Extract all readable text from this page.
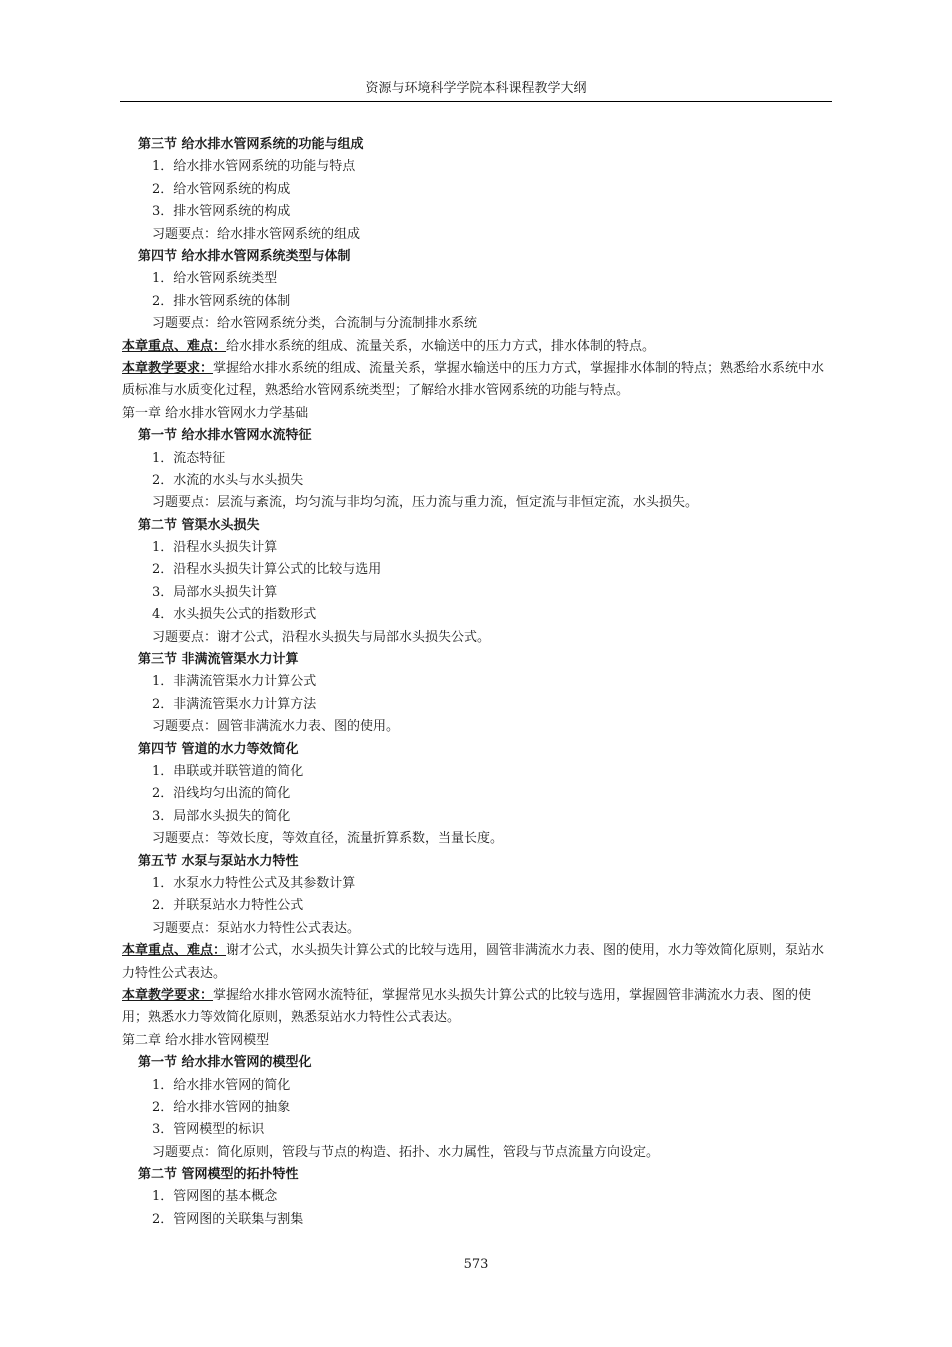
资源与环境科学学院本科课程教学大纲
第三节 给水排水管网系统的功能与组成
1．给水排水管网系统的功能与特点
2．给水管网系统的构成
3．排水管网系统的构成
习题要点：给水排水管网系统的组成
第四节 给水排水管网系统类型与体制
1．给水管网系统类型
2．排水管网系统的体制
习题要点：给水管网系统分类，合流制与分流制排水系统
本章重点、难点：给水排水系统的组成、流量关系，水输送中的压力方式，排水体制的特点。
本章教学要求：掌握给水排水系统的组成、流量关系，掌握水输送中的压力方式，掌握排水体制的特点；熟悉给水系统中水质标准与水质变化过程，熟悉给水管网系统类型；了解给水排水管网系统的功能与特点。
第一章 给水排水管网水力学基础
第一节 给水排水管网水流特征
1．流态特征
2．水流的水头与水头损失
习题要点：层流与紊流，均匀流与非均匀流，压力流与重力流，恒定流与非恒定流，水头损失。
第二节 管渠水头损失
1．沿程水头损失计算
2．沿程水头损失计算公式的比较与选用
3．局部水头损失计算
4．水头损失公式的指数形式
习题要点：谢才公式，沿程水头损失与局部水头损失公式。
第三节 非满流管渠水力计算
1．非满流管渠水力计算公式
2．非满流管渠水力计算方法
习题要点：圆管非满流水力表、图的使用。
第四节 管道的水力等效简化
1．串联或并联管道的简化
2．沿线均匀出流的简化
3．局部水头损失的简化
习题要点：等效长度，等效直径，流量折算系数，当量长度。
第五节 水泵与泵站水力特性
1．水泵水力特性公式及其参数计算
2．并联泵站水力特性公式
习题要点：泵站水力特性公式表达。
本章重点、难点：谢才公式，水头损失计算公式的比较与选用，圆管非满流水力表、图的使用，水力等效简化原则，泵站水力特性公式表达。
本章教学要求：掌握给水排水管网水流特征，掌握常见水头损失计算公式的比较与选用，掌握圆管非满流水力表、图的使用；熟悉水力等效简化原则，熟悉泵站水力特性公式表达。
第二章 给水排水管网模型
第一节 给水排水管网的模型化
1．给水排水管网的简化
2．给水排水管网的抽象
3．管网模型的标识
习题要点：简化原则，管段与节点的构造、拓扑、水力属性，管段与节点流量方向设定。
第二节 管网模型的拓扑特性
1．管网图的基本概念
2．管网图的关联集与割集
573
